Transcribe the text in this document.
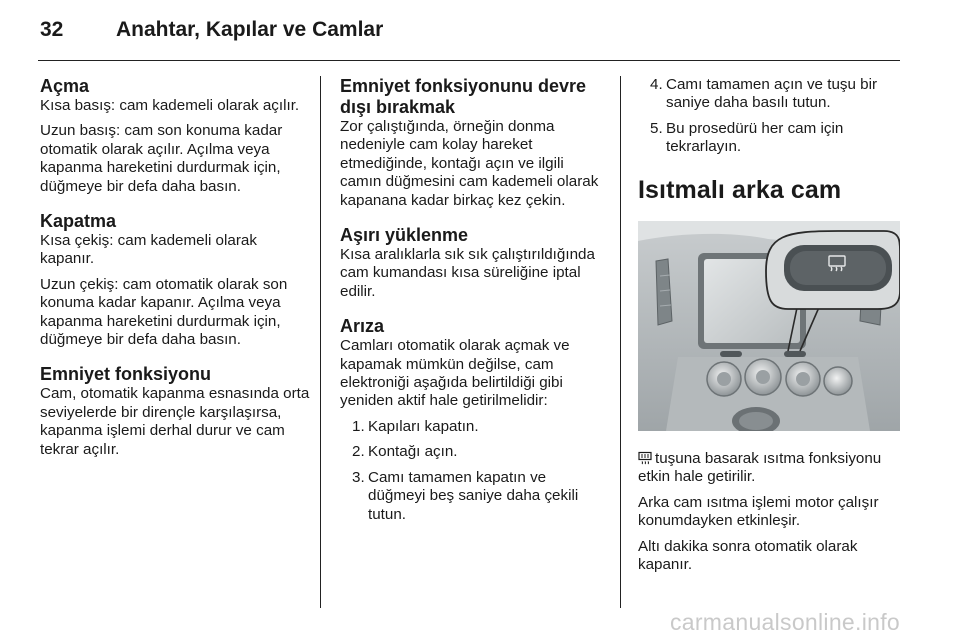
32	Anahtar, Kapılar ve Camlar
Açma

Kısa basış: cam kademeli olarak açılır.

Uzun basış: cam son konuma kadar otomatik olarak açılır. Açılma veya kapanma hareketini durdurmak için, düğmeye bir defa daha basın.

Kapatma

Kısa çekiş: cam kademeli olarak kapanır.

Uzun çekiş: cam otomatik olarak son konuma kadar kapanır. Açılma veya kapanma hareketini durdurmak için, düğmeye bir defa daha basın.

Emniyet fonksiyonu

Cam, otomatik kapanma esnasında orta seviyelerde bir dirençle karşılaşırsa, kapanma işlemi derhal durur ve cam tekrar açılır.

Emniyet fonksiyonunu devre dışı bırakmak

Zor çalıştığında, örneğin donma nedeniyle cam kolay hareket etmediğinde, kontağı açın ve ilgili camın düğmesini cam kademeli olarak kapanana kadar birkaç kez çekin.

Aşırı yüklenme

Kısa aralıklarla sık sık çalıştırıldığında cam kumandası kısa süreliğine iptal edilir.

Arıza

Camları otomatik olarak açmak ve kapamak mümkün değilse, cam elektroniği aşağıda belirtildiği gibi yeniden aktif hale getirilmelidir:

1. Kapıları kapatın.
2. Kontağı açın.
3. Camı tamamen kapatın ve düğmeyi beş saniye daha çekili tutun.
4. Camı tamamen açın ve tuşu bir saniye daha basılı tutun.
5. Bu prosedürü her cam için tekrarlayın.
Isıtmalı arka cam

tuşuna basarak ısıtma fonksiyonu etkin hale getirilir.

Arka cam ısıtma işlemi motor çalışır konumdayken etkinleşir.

Altı dakika sonra otomatik olarak kapanır.

carmanualsonline.info
